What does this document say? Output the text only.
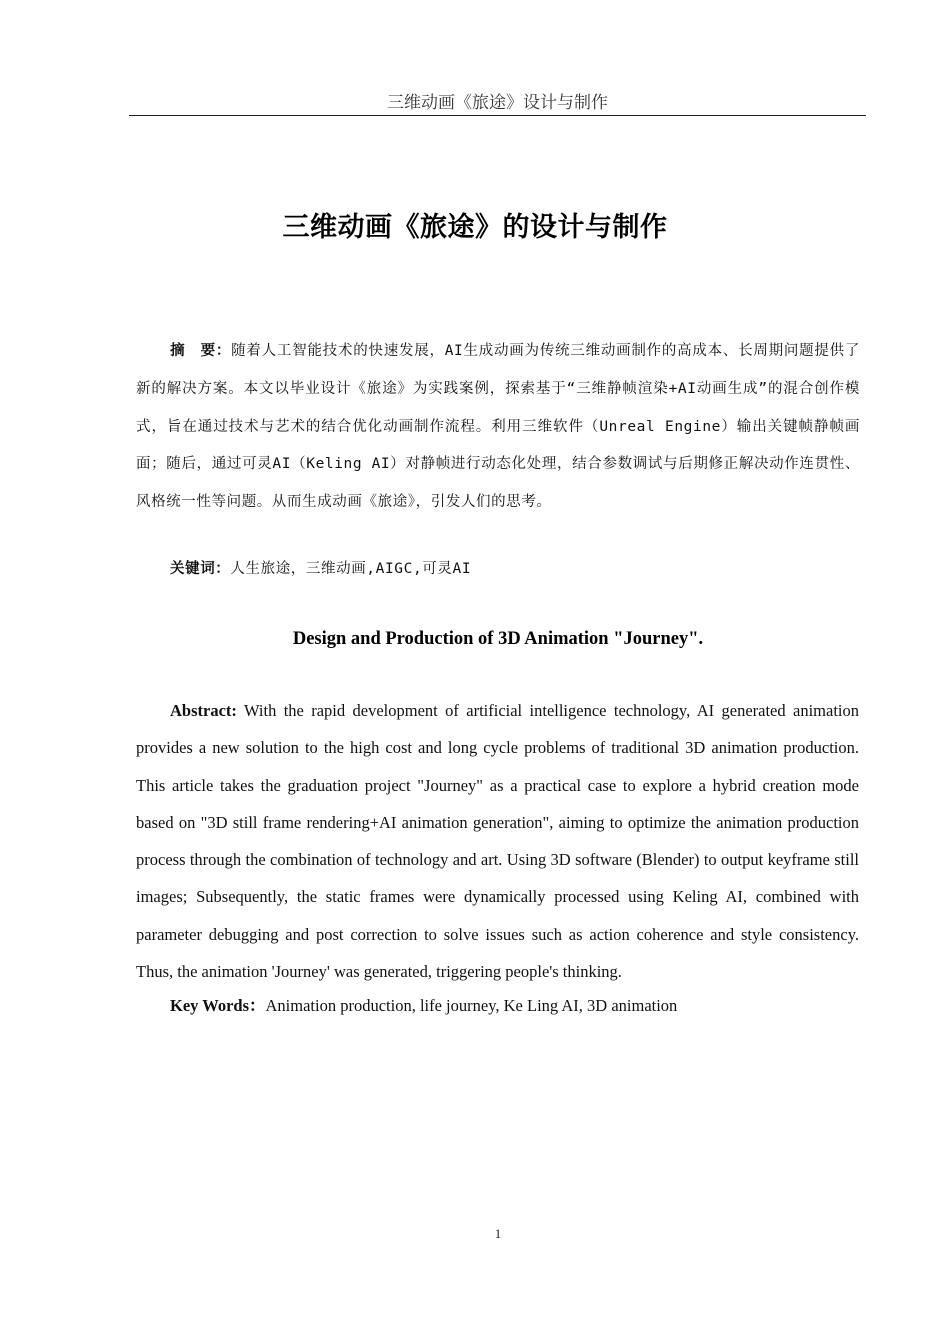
三维动画《旅途》设计与制作
三维动画《旅途》的设计与制作
摘　要：随着人工智能技术的快速发展，AI生成动画为传统三维动画制作的高成本、长周期问题提供了新的解决方案。本文以毕业设计《旅途》为实践案例，探索基于“三维静帧渲染+AI动画生成”的混合创作模式，旨在通过技术与艺术的结合优化动画制作流程。利用三维软件（Unreal Engine）输出关键帧静帧画面；随后，通过可灵AI（Keling AI）对静帧进行动态化处理，结合参数调试与后期修正解决动作连贯性、风格统一性等问题。从而生成动画《旅途》，引发人们的思考。
关键词：人生旅途，三维动画,AIGC,可灵AI
Design and Production of 3D Animation "Journey".
Abstract: With the rapid development of artificial intelligence technology, AI generated animation provides a new solution to the high cost and long cycle problems of traditional 3D animation production. This article takes the graduation project "Journey" as a practical case to explore a hybrid creation mode based on "3D still frame rendering+AI animation generation", aiming to optimize the animation production process through the combination of technology and art. Using 3D software (Blender) to output keyframe still images; Subsequently, the static frames were dynamically processed using Keling AI, combined with parameter debugging and post correction to solve issues such as action coherence and style consistency. Thus, the animation 'Journey' was generated, triggering people's thinking.
Key Words：Animation production, life journey, Ke Ling AI, 3D animation
1
